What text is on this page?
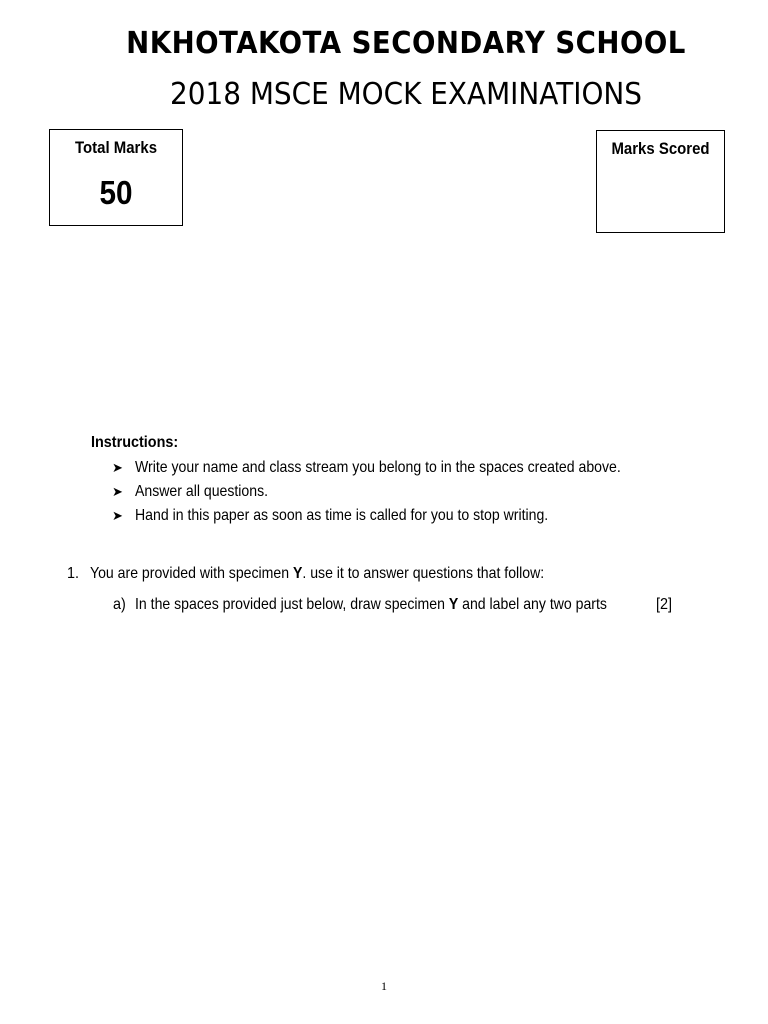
NKHOTAKOTA SECONDARY SCHOOL
2018 MSCE MOCK EXAMINATIONS
Total Marks
50
Marks Scored
Instructions:
➤ Write your name and class stream you belong to in the spaces created above.
➤ Answer all questions.
➤ Hand in this paper as soon as time is called for you to stop writing.
1. You are provided with specimen Y. use it to answer questions that follow:
a) In the spaces provided just below, draw specimen Y and label any two parts	[2]
1
